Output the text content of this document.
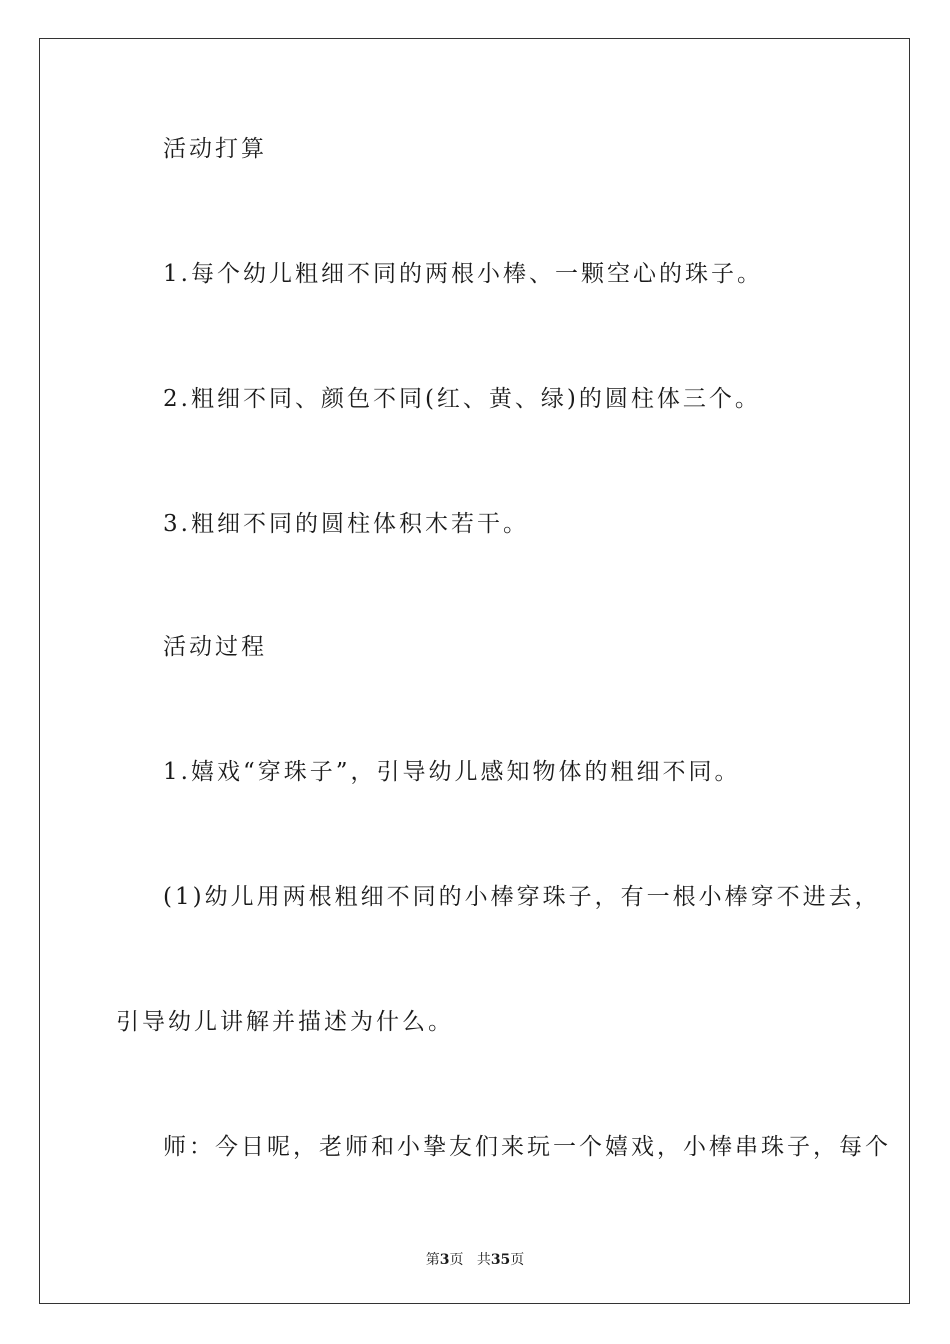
活动打算
1.每个幼儿粗细不同的两根小棒、一颗空心的珠子。
2.粗细不同、颜色不同(红、黄、绿)的圆柱体三个。
3.粗细不同的圆柱体积木若干。
活动过程
1.嬉戏“穿珠子”，引导幼儿感知物体的粗细不同。
(1)幼儿用两根粗细不同的小棒穿珠子，有一根小棒穿不进去，
引导幼儿讲解并描述为什么。
师：今日呢，老师和小挚友们来玩一个嬉戏，小棒串珠子，每个
第3页 共35页
